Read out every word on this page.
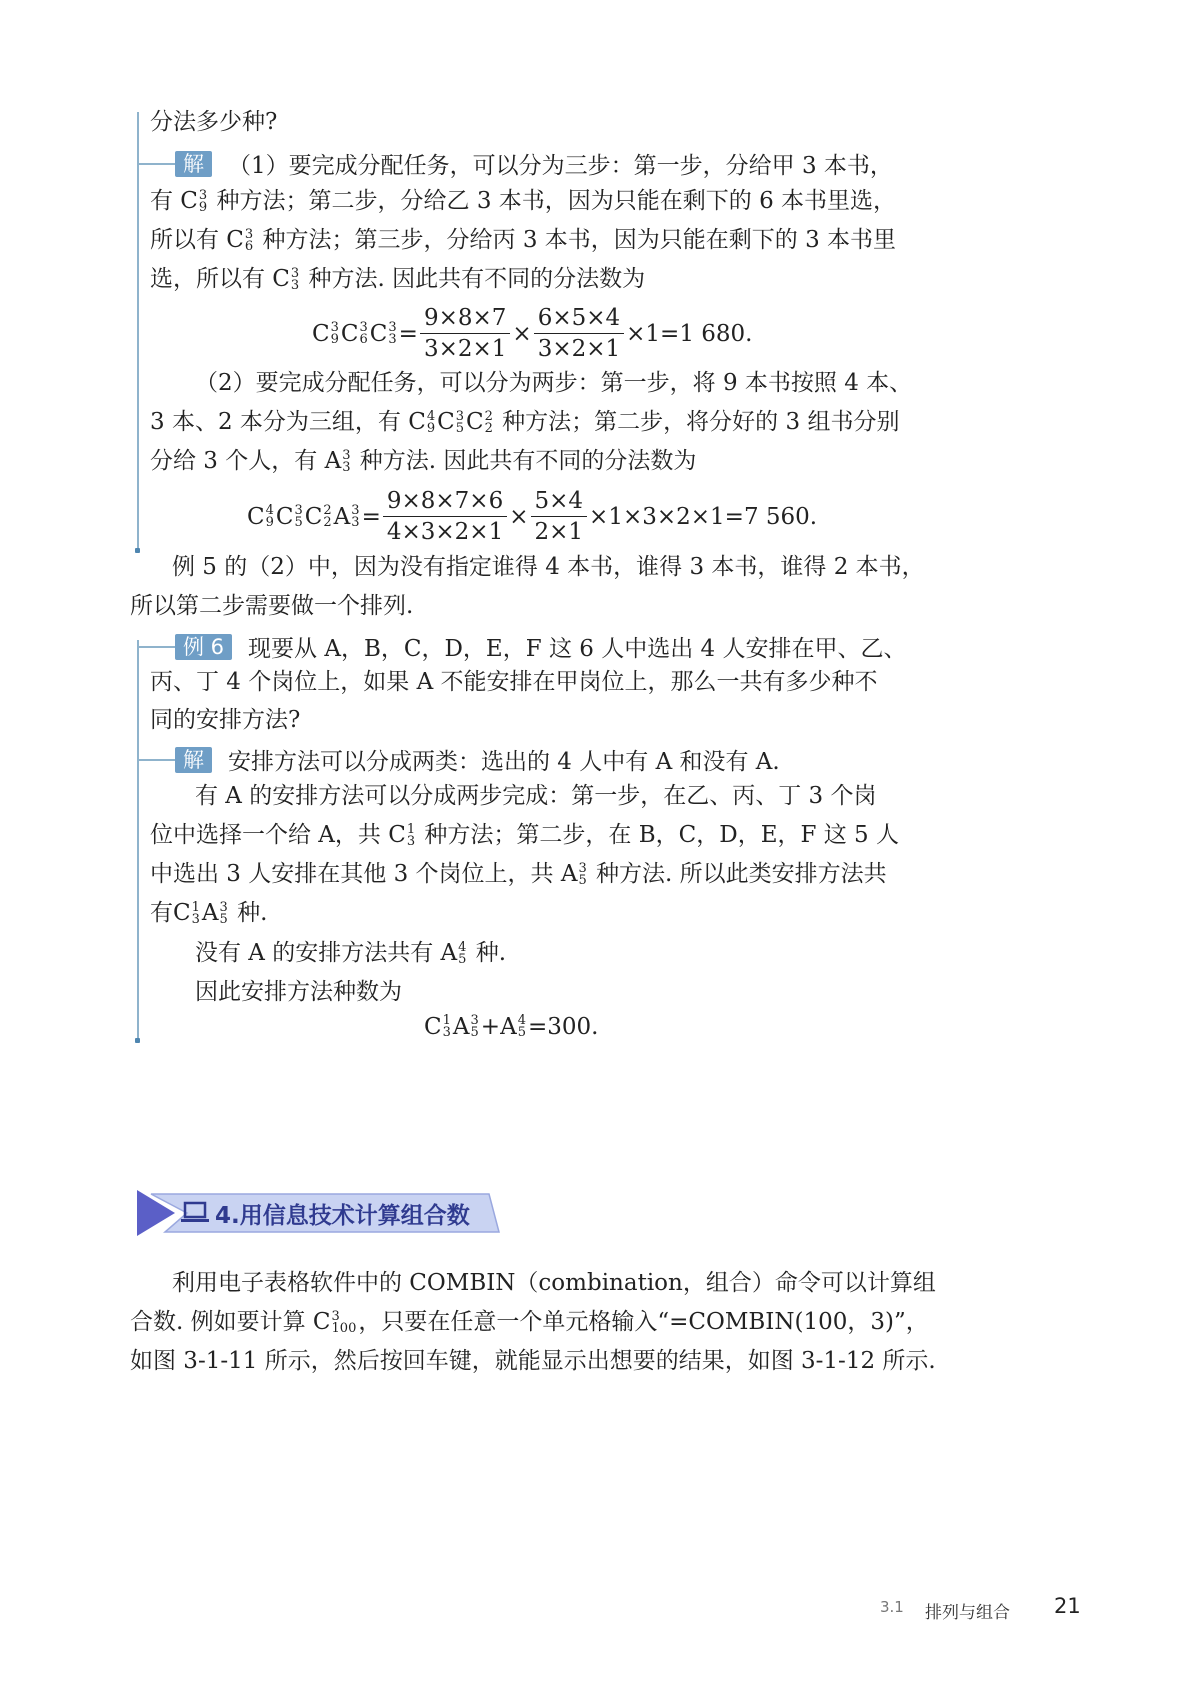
分法多少种?
解	（1）要完成分配任务，可以分为三步：第一步，分给甲 3 本书，
有 C 3
9 种方法；第二步，分给乙 3 本书，因为只能在剩下的 6 本书里选，
所以有 C 3
6 种方法；第三步，分给丙 3 本书，因为只能在剩下的 3 本书里
选，所以有 C 3
3 种方法. 因此共有不同的分法数为
C 3
9 C 3
6 C 3
$3 = \frac{9\times 8\times 7}{3\times 2\times 1} \times \frac{6\times 5\times 4}{3\times 2\times 1} \times 1=1$ 680.
（2）要完成分配任务，可以分为两步：第一步，将 9 本书按照 4 本、
3 本、2 本分为三组，有 C 4
9 C 3
5 C 2
2 种方法；第二步，将分好的 3 组书分别
分给 3 个人，有 A 3
3 种方法. 因此共有不同的分法数为
C 4
9 C 3
5 C 2
2 A 3
$3 = \frac{9\times 8\times 7\times 6}{4\times 3\times 2\times 1} \times \frac{5\times 4}{2\times 1} \times 1\times 3\times 2\times 1=7$ 560.
例 5 的（2）中，因为没有指定谁得 4 本书，谁得 3 本书，谁得 2 本书，
所以第二步需要做一个排列.
例 6	现要从 A，B，C，D，E，F 这 6 人中选出 4 人安排在甲、乙、
丙、丁 4 个岗位上，如果 A 不能安排在甲岗位上，那么一共有多少种不
同的安排方法?
解	安排方法可以分成两类：选出的 4 人中有 A 和没有 A.
有 A 的安排方法可以分成两步完成：第一步，在乙、丙、丁 3 个岗
位中选择一个给 A，共 C 1
3 种方法；第二步，在 B，C，D，E，F 这 5 人
中选出 3 人安排在其他 3 个岗位上，共 A 3
5 种方法. 所以此类安排方法共
有C 1
3 A 3
5 种.
没有 A 的安排方法共有 A 4
5 种.
因此安排方法种数为
C 1
3 A 3
5 +A 4
5 =300.
4.用信息技术计算组合数
利用电子表格软件中的 COMBIN（combination，组合）命令可以计算组
合数. 例如要计算 C 3
100 ，只要在任意一个单元格输入“=COMBIN(100，3)”，
如图 3-1-11 所示，然后按回车键，就能显示出想要的结果，如图 3-1-12 所示.
3.1 排列与组合 21
